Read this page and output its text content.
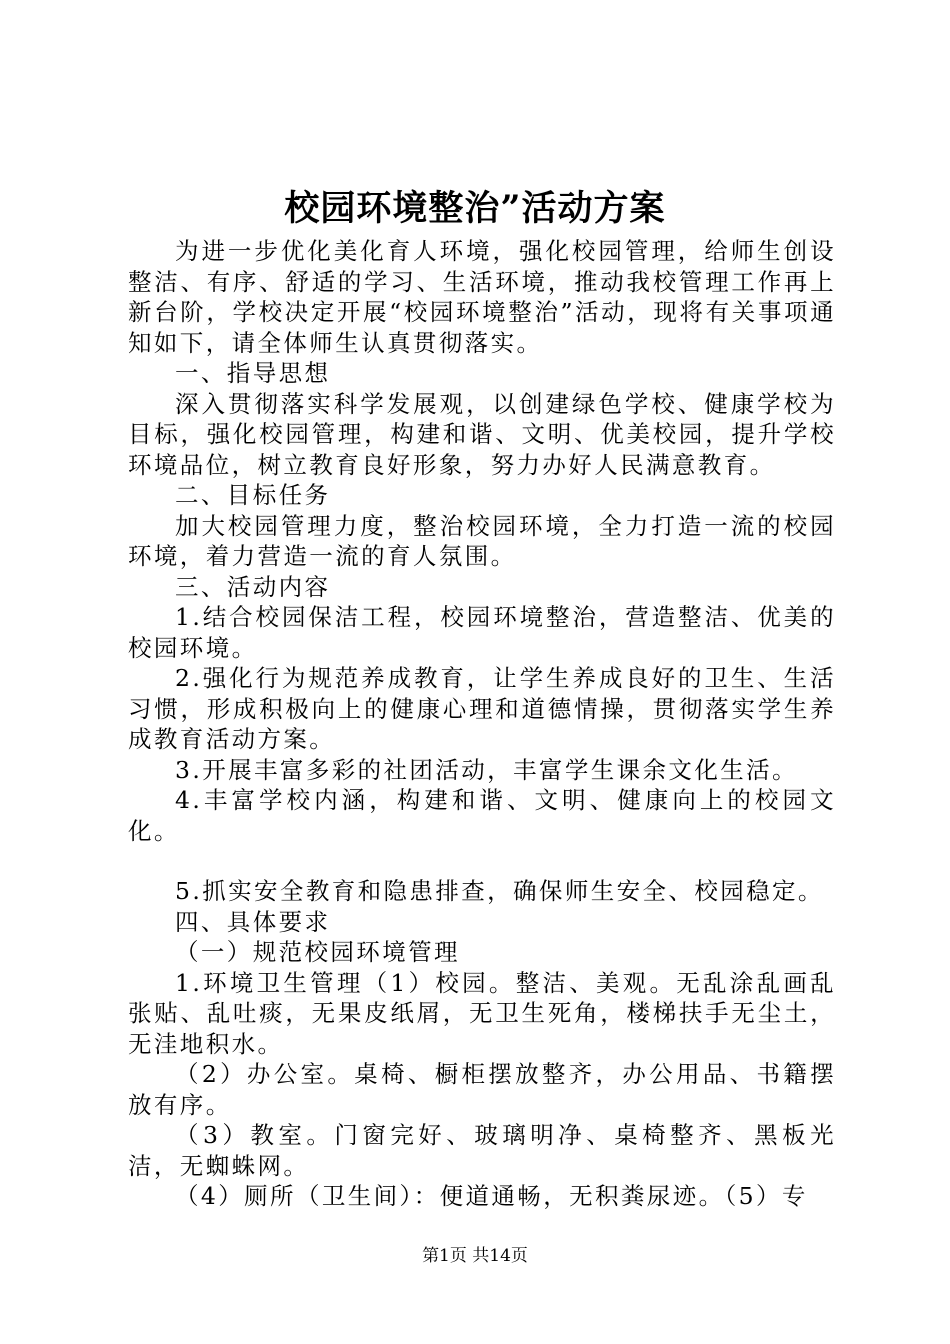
校园环境整治”活动方案

为进一步优化美化育人环境，强化校园管理，给师生创设整洁、有序、舒适的学习、生活环境，推动我校管理工作再上新台阶，学校决定开展“校园环境整治”活动，现将有关事项通知如下，请全体师生认真贯彻落实。

一、指导思想

深入贯彻落实科学发展观，以创建绿色学校、健康学校为目标，强化校园管理，构建和谐、文明、优美校园，提升学校环境品位，树立教育良好形象，努力办好人民满意教育。

二、目标任务

加大校园管理力度，整治校园环境，全力打造一流的校园环境，着力营造一流的育人氛围。

三、活动内容

1.结合校园保洁工程，校园环境整治，营造整洁、优美的校园环境。

2.强化行为规范养成教育，让学生养成良好的卫生、生活习惯，形成积极向上的健康心理和道德情操，贯彻落实学生养成教育活动方案。

3.开展丰富多彩的社团活动，丰富学生课余文化生活。

4.丰富学校内涵，构建和谐、文明、健康向上的校园文化。

5.抓实安全教育和隐患排查，确保师生安全、校园稳定。

四、具体要求

（一）规范校园环境管理

1.环境卫生管理（1）校园。整洁、美观。无乱涂乱画乱张贴、乱吐痰，无果皮纸屑，无卫生死角，楼梯扶手无尘土，无洼地积水。

（2）办公室。桌椅、橱柜摆放整齐，办公用品、书籍摆放有序。

（3）教室。门窗完好、玻璃明净、桌椅整齐、黑板光洁，无蜘蛛网。

（4）厕所（卫生间）：便道通畅，无积粪尿迹。（5）专

第1页 共14页
